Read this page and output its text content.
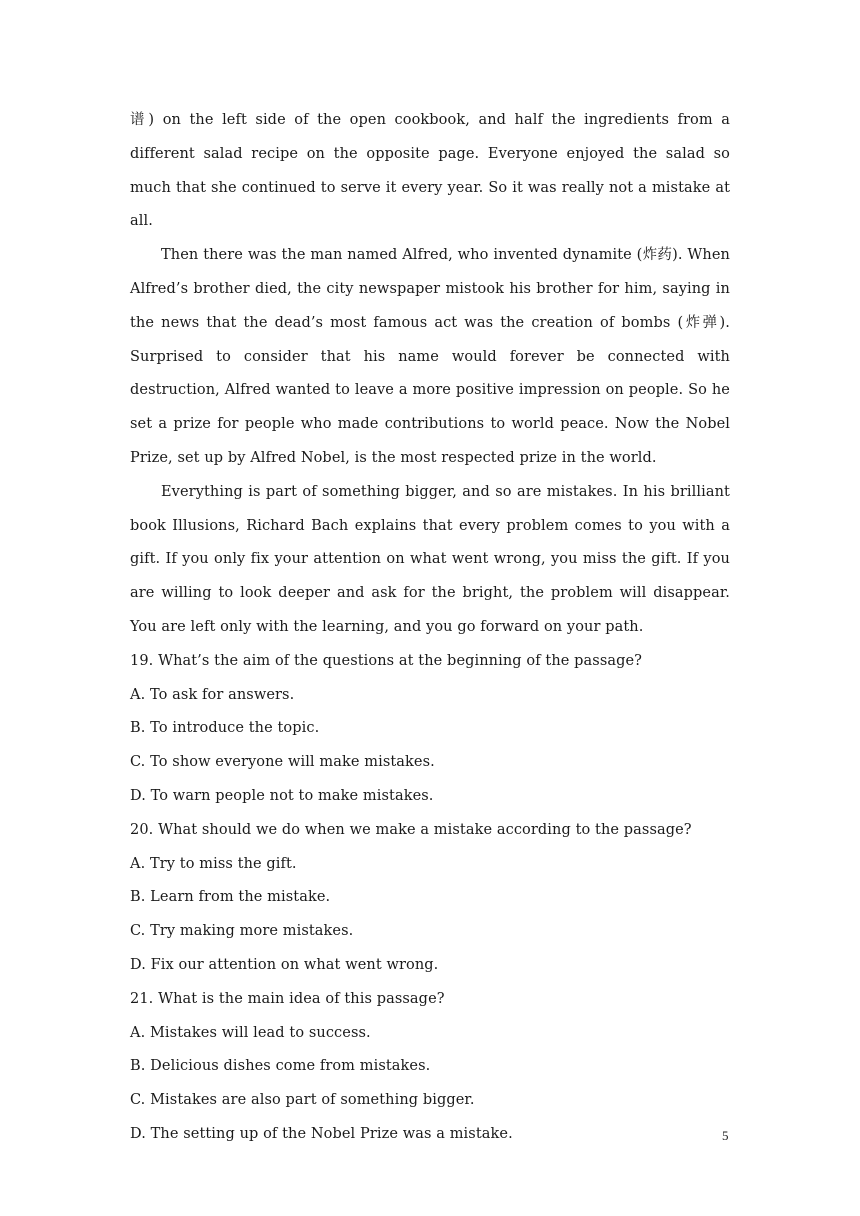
谱) on the left side of the open cookbook, and half the ingredients from a different salad recipe on the opposite page. Everyone enjoyed the salad so much that she continued to serve it every year. So it was really not a mistake at all.

Then there was the man named Alfred, who invented dynamite (炸药). When Alfred’s brother died, the city newspaper mistook his brother for him, saying in the news that the dead’s most famous act was the creation of bombs (炸弹). Surprised to consider that his name would forever be connected with destruction, Alfred wanted to leave a more positive impression on people. So he set a prize for people who made contributions to world peace. Now the Nobel Prize, set up by Alfred Nobel, is the most respected prize in the world.

Everything is part of something bigger, and so are mistakes. In his brilliant book Illusions, Richard Bach explains that every problem comes to you with a gift. If you only fix your attention on what went wrong, you miss the gift. If you are willing to look deeper and ask for the bright, the problem will disappear. You are left only with the learning, and you go forward on your path.

19. What’s the aim of the questions at the beginning of the passage?

A. To ask for answers.

B. To introduce the topic.

C. To show everyone will make mistakes.

D. To warn people not to make mistakes.

20. What should we do when we make a mistake according to the passage?

A. Try to miss the gift.

B. Learn from the mistake.

C. Try making more mistakes.

D. Fix our attention on what went wrong.

21. What is the main idea of this passage?

A. Mistakes will lead to success.

B. Delicious dishes come from mistakes.

C. Mistakes are also part of something bigger.

D. The setting up of the Nobel Prize was a mistake.	5
